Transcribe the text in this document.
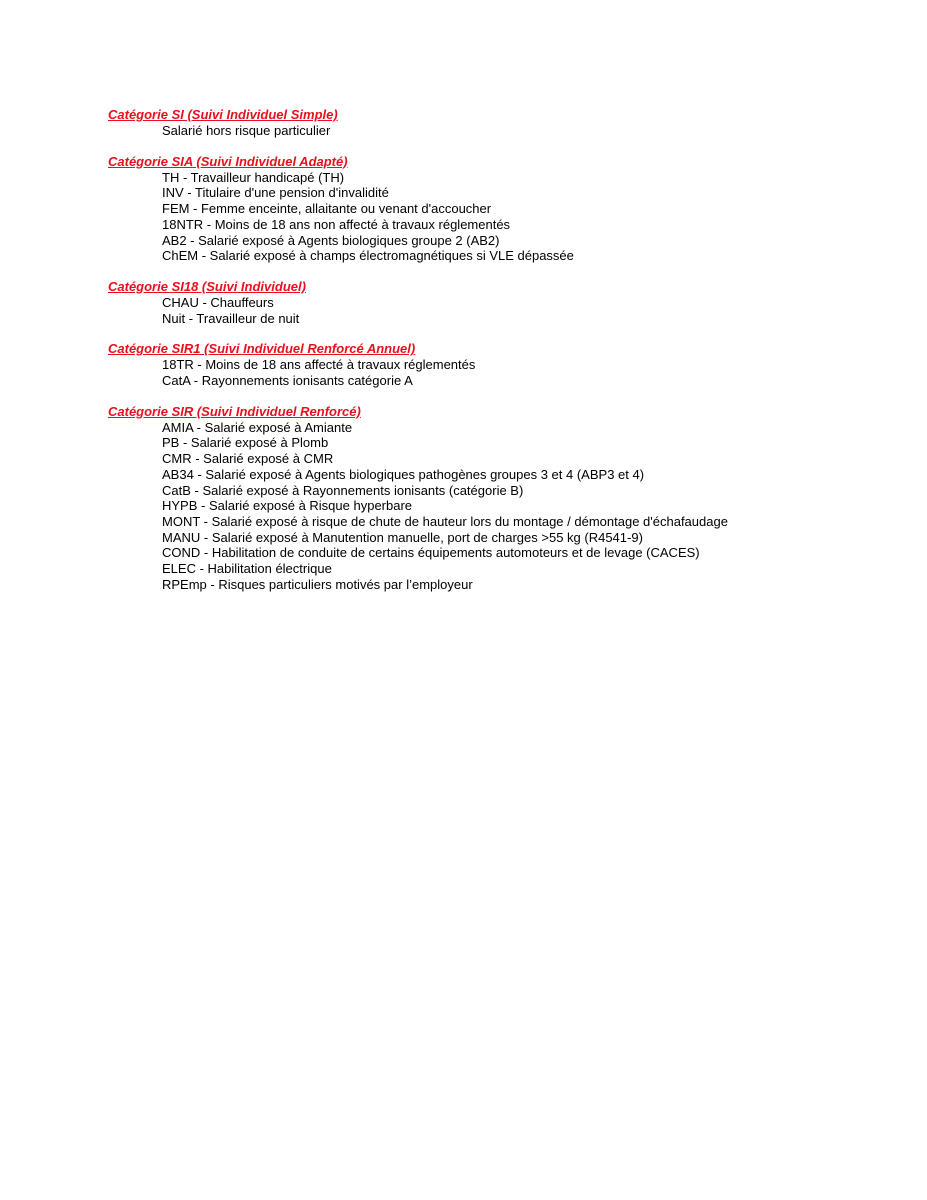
Catégorie SI (Suivi Individuel Simple)
Salarié hors risque particulier
Catégorie SIA (Suivi Individuel Adapté)
TH - Travailleur handicapé (TH)
INV - Titulaire d'une pension d'invalidité
FEM - Femme enceinte, allaitante ou venant d'accoucher
18NTR - Moins de 18 ans non affecté à travaux réglementés
AB2 - Salarié exposé à Agents biologiques groupe 2 (AB2)
ChEM - Salarié exposé à champs électromagnétiques si VLE dépassée
Catégorie SI18 (Suivi Individuel)
CHAU - Chauffeurs
Nuit - Travailleur de nuit
Catégorie SIR1 (Suivi Individuel Renforcé Annuel)
18TR - Moins de 18 ans affecté à travaux réglementés
CatA - Rayonnements ionisants catégorie A
Catégorie SIR (Suivi Individuel Renforcé)
AMIA - Salarié exposé à Amiante
PB - Salarié exposé à Plomb
CMR - Salarié exposé à CMR
AB34 - Salarié exposé à Agents biologiques pathogènes groupes 3 et 4 (ABP3 et 4)
CatB - Salarié exposé à Rayonnements ionisants (catégorie B)
HYPB - Salarié exposé à Risque hyperbare
MONT - Salarié exposé à risque de chute de hauteur lors du montage / démontage d'échafaudage
MANU - Salarié exposé à Manutention manuelle, port de charges >55 kg (R4541-9)
COND - Habilitation de conduite de certains équipements automoteurs et de levage (CACES)
ELEC - Habilitation électrique
RPEmp - Risques particuliers motivés par l’employeur
